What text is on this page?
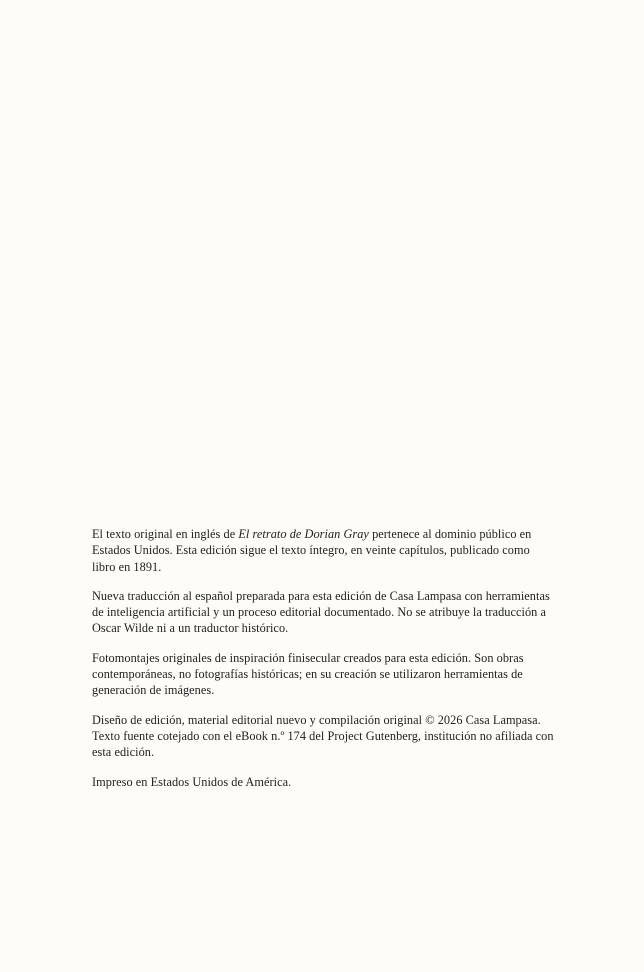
El texto original en inglés de El retrato de Dorian Gray pertenece al dominio público en Estados Unidos. Esta edición sigue el texto íntegro, en veinte capítulos, publicado como libro en 1891.

Nueva traducción al español preparada para esta edición de Casa Lampasa con herramientas de inteligencia artificial y un proceso editorial documentado. No se atribuye la traducción a Oscar Wilde ni a un traductor histórico.

Fotomontajes originales de inspiración finisecular creados para esta edición. Son obras contemporáneas, no fotografías históricas; en su creación se utilizaron herramientas de generación de imágenes.

Diseño de edición, material editorial nuevo y compilación original © 2026 Casa Lampasa. Texto fuente cotejado con el eBook n.º 174 del Project Gutenberg, institución no afiliada con esta edición.

Impreso en Estados Unidos de América.
